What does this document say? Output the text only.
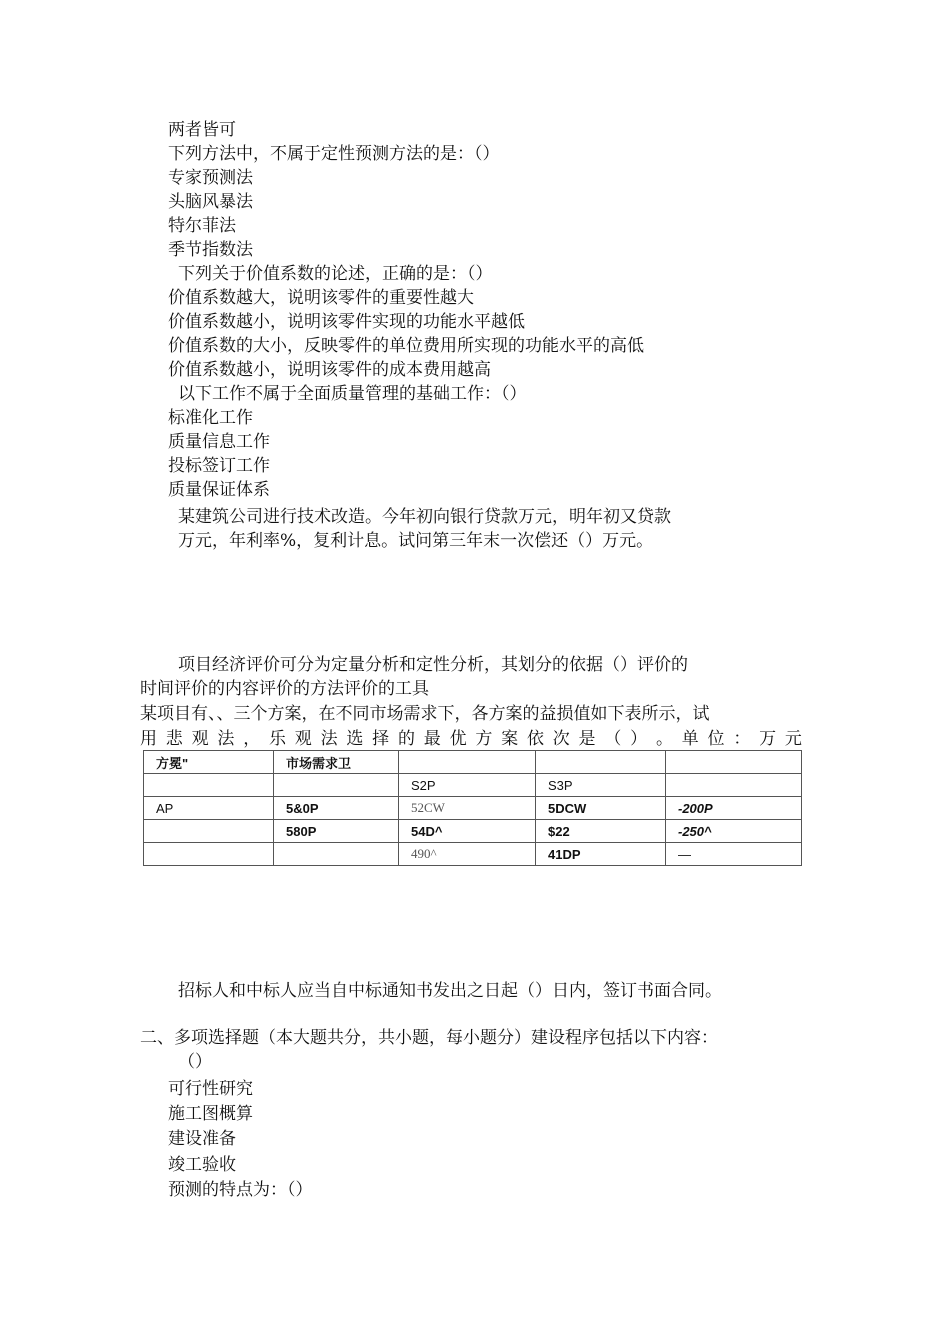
两者皆可
下列方法中，不属于定性预测方法的是：（）
专家预测法
头脑风暴法
特尔菲法
季节指数法
下列关于价值系数的论述，正确的是：（）
价值系数越大，说明该零件的重要性越大
价值系数越小，说明该零件实现的功能水平越低
价值系数的大小，反映零件的单位费用所实现的功能水平的高低
价值系数越小，说明该零件的成本费用越高
以下工作不属于全面质量管理的基础工作：（）
标准化工作
质量信息工作
投标签订工作
质量保证体系
某建筑公司进行技术改造。今年初向银行贷款万元，明年初又贷款
万元，年利率%，复利计息。试问第三年末一次偿还（）万元。
项目经济评价可分为定量分析和定性分析，其划分的依据（）评价的
时间评价的内容评价的方法评价的工具
某项目有、、三个方案，在不同市场需求下，各方案的益损值如下表所示，试
用 悲 观 法 ， 乐 观 法 选 择 的 最 优 方 案 依 次 是 （ ） 。 单 位 ： 万 元
方冕"	市场需求卫			
		S2P	S3P	
AP	5&0P	52CW	5DCW	-200P
	580P	54D^	$22	-250^
		490^	41DP	—
招标人和中标人应当自中标通知书发出之日起（）日内，签订书面合同。
二、多项选择题（本大题共分，共小题，每小题分）建设程序包括以下内容：
（）
可行性研究
施工图概算
建设准备
竣工验收
预测的特点为：（）
